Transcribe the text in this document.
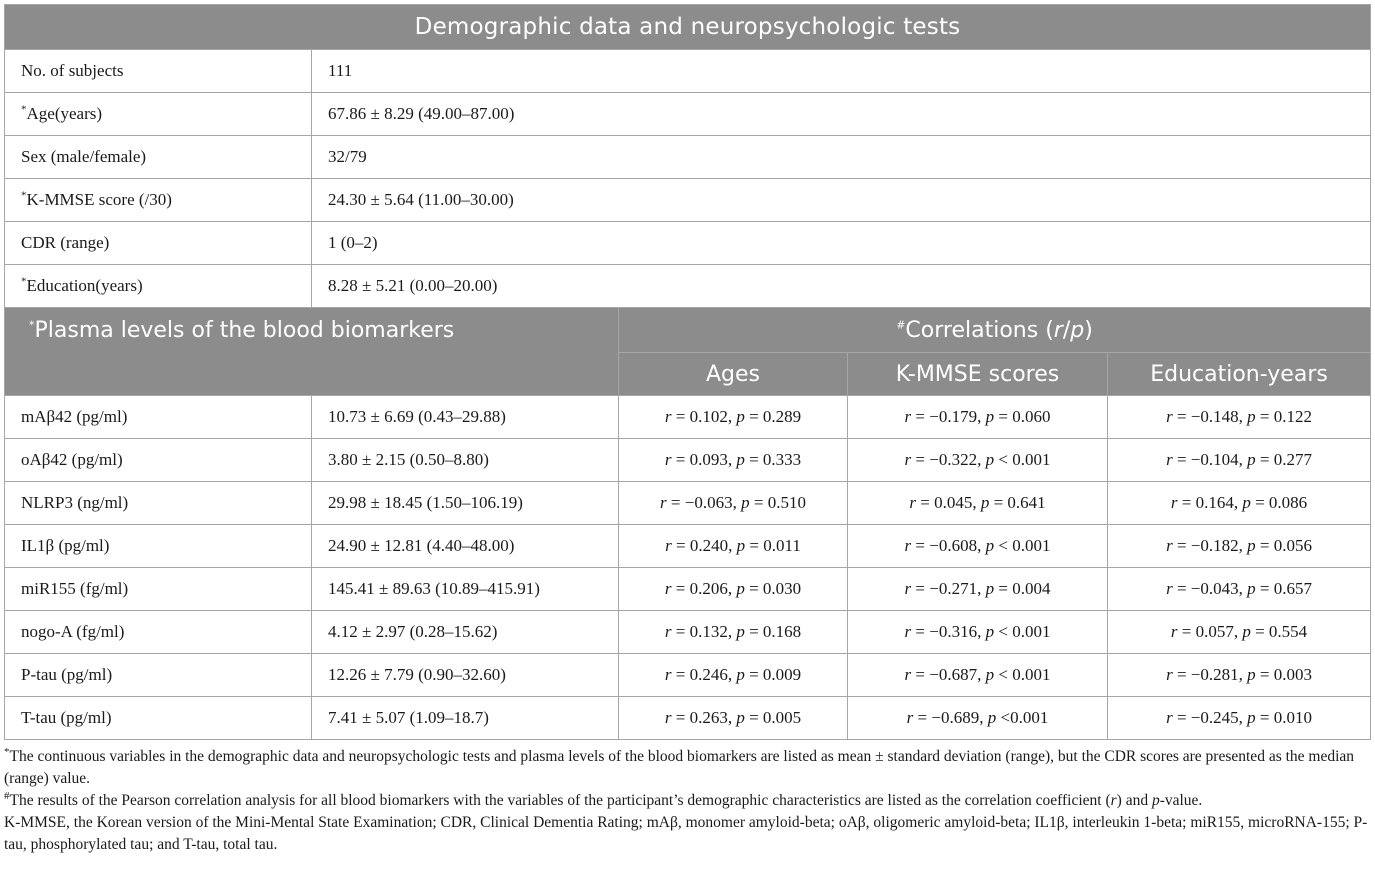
Demographic data and neuropsychologic tests	
No. of subjects	111
*Age(years)	67.86 ± 8.29 (49.00–87.00)
Sex (male/female)	32/79
*K-MMSE score (/30)	24.30 ± 5.64 (11.00–30.00)
CDR (range)	1 (0–2)
*Education(years)	8.28 ± 5.21 (0.00–20.00)
*Plasma levels of the blood biomarkers		#Correlations (r/p)		
		Ages	K-MMSE scores	Education-years
mAβ42 (pg/ml)	10.73 ± 6.69 (0.43–29.88)	r = 0.102, p = 0.289	r = −0.179, p = 0.060	r = −0.148, p = 0.122
oAβ42 (pg/ml)	3.80 ± 2.15 (0.50–8.80)	r = 0.093, p = 0.333	r = −0.322, p < 0.001	r = −0.104, p = 0.277
NLRP3 (ng/ml)	29.98 ± 18.45 (1.50–106.19)	r = −0.063, p = 0.510	r = 0.045, p = 0.641	r = 0.164, p = 0.086
IL1β (pg/ml)	24.90 ± 12.81 (4.40–48.00)	r = 0.240, p = 0.011	r = −0.608, p < 0.001	r = −0.182, p = 0.056
miR155 (fg/ml)	145.41 ± 89.63 (10.89–415.91)	r = 0.206, p = 0.030	r = −0.271, p = 0.004	r = −0.043, p = 0.657
nogo-A (fg/ml)	4.12 ± 2.97 (0.28–15.62)	r = 0.132, p = 0.168	r = −0.316, p < 0.001	r = 0.057, p = 0.554
P-tau (pg/ml)	12.26 ± 7.79 (0.90–32.60)	r = 0.246, p = 0.009	r = −0.687, p < 0.001	r = −0.281, p = 0.003
T-tau (pg/ml)	7.41 ± 5.07 (1.09–18.7)	r = 0.263, p = 0.005	r = −0.689, p <0.001	r = −0.245, p = 0.010

*The continuous variables in the demographic data and neuropsychologic tests and plasma levels of the blood biomarkers are listed as mean ± standard deviation (range), but the CDR scores are presented as the median (range) value.

#The results of the Pearson correlation analysis for all blood biomarkers with the variables of the participant’s demographic characteristics are listed as the correlation coefficient (r) and p-value.

K-MMSE, the Korean version of the Mini-Mental State Examination; CDR, Clinical Dementia Rating; mAβ, monomer amyloid-beta; oAβ, oligomeric amyloid-beta; IL1β, interleukin 1-beta; miR155, microRNA-155; P-tau, phosphorylated tau; and T-tau, total tau.
